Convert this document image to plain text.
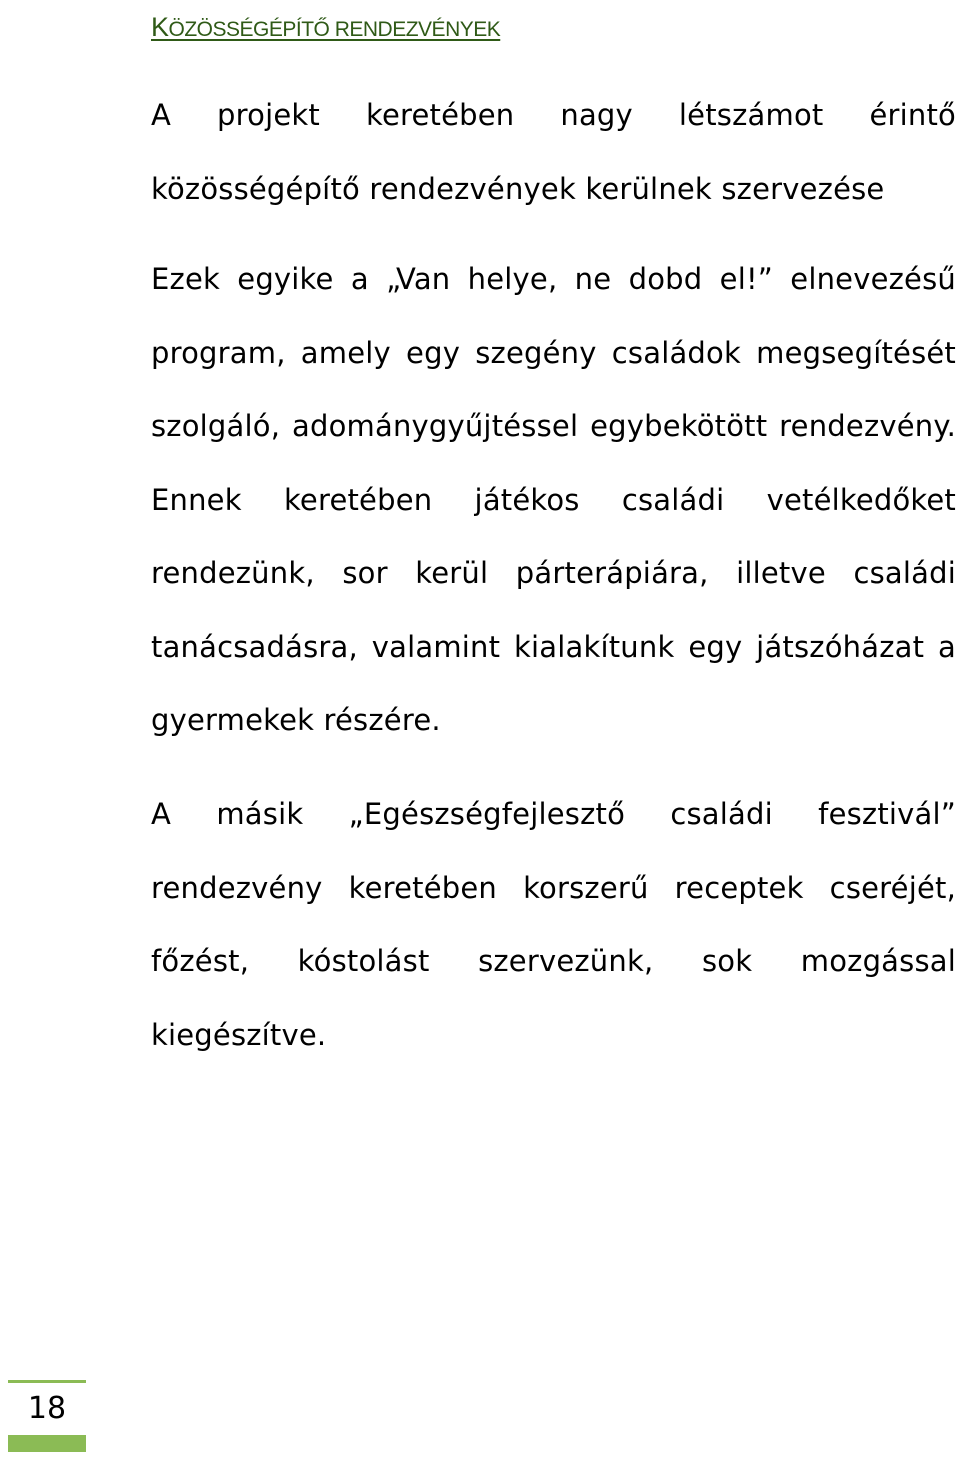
KÖZÖSSÉGÉPÍTŐ RENDEZVÉNYEK

A projekt keretében nagy létszámot érintő közösségépítő rendezvények kerülnek szervezése

Ezek egyike a „Van helye, ne dobd el!” elnevezésű program, amely egy szegény családok megsegítését szolgáló, adománygyűjtéssel egybekötött rendezvény. Ennek keretében játékos családi vetélkedőket rendezünk, sor kerül párterápiára, illetve családi tanácsadásra, valamint kialakítunk egy játszóházat a gyermekek részére.

A másik „Egészségfejlesztő családi fesztivál” rendezvény keretében korszerű receptek cseréjét, főzést, kóstolást szervezünk, sok mozgással kiegészítve.

18
